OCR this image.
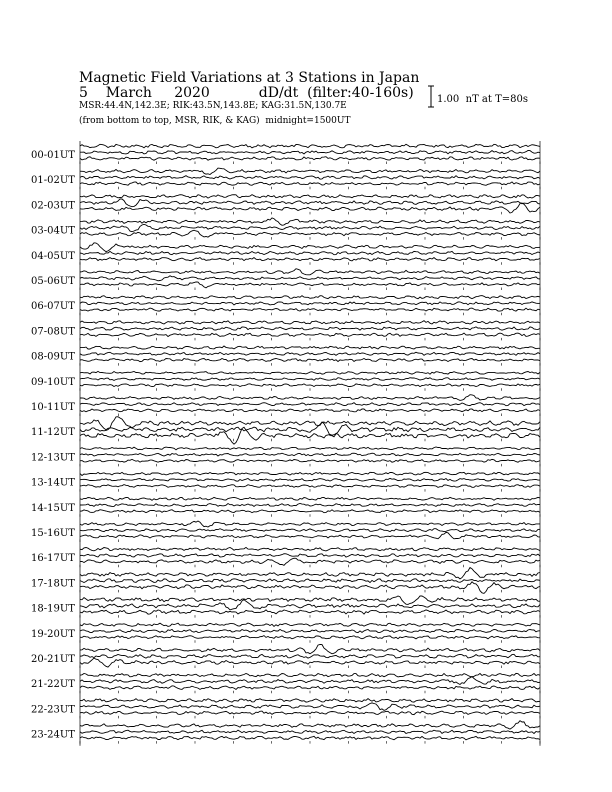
Magnetic Field Variations at 3 Stations in Japan
5    March     2020           dD/dt  (filter:40-160s)
MSR:44.4N,142.3E; RIK:43.5N,143.8E; KAG:31.5N,130.7E
(from bottom to top, MSR, RIK, & KAG)  midnight=1500UT
1.00  nT at T=80s
00-01UT
01-02UT
02-03UT
03-04UT
04-05UT
05-06UT
06-07UT
07-08UT
08-09UT
09-10UT
10-11UT
11-12UT
12-13UT
13-14UT
14-15UT
15-16UT
16-17UT
17-18UT
18-19UT
19-20UT
20-21UT
21-22UT
22-23UT
23-24UT
